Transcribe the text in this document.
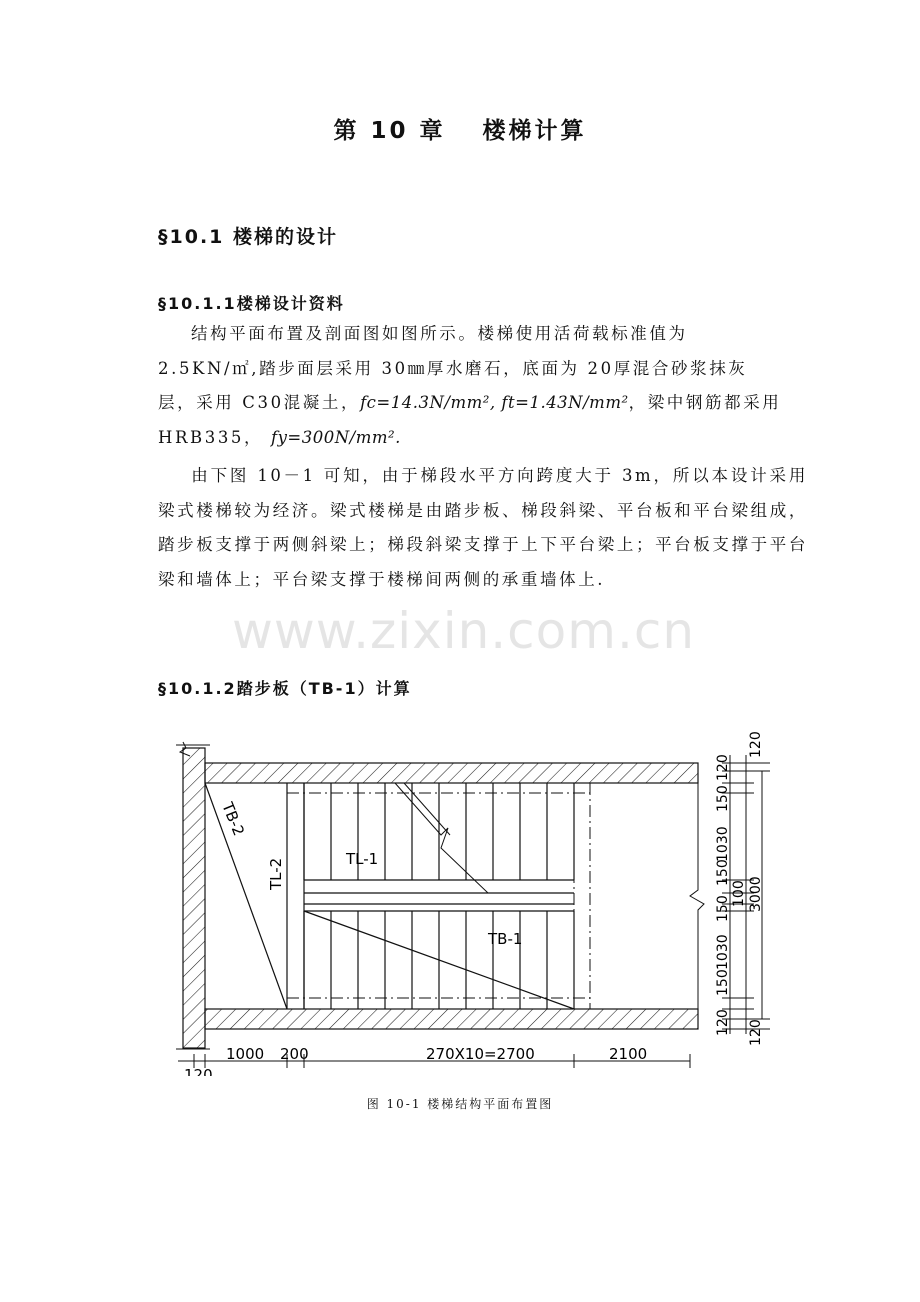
第 10 章　 楼梯计算
§10.1 楼梯的设计
§10.1.1楼梯设计资料
结构平面布置及剖面图如图所示。楼梯使用活荷载标准值为
2.5KN/㎡,踏步面层采用 30㎜厚水磨石，底面为 20厚混合砂浆抹灰
层，采用 C30混凝土，fc=14.3N/mm², ft=1.43N/mm²，梁中钢筋都采用
HRB335， fy=300N/mm².

由下图 10－1 可知，由于梯段水平方向跨度大于 3m，所以本设计采用梁式楼梯较为经济。梁式楼梯是由踏步板、梯段斜梁、平台板和平台梁组成，踏步板支撑于两侧斜梁上；梯段斜梁支撑于上下平台梁上；平台板支撑于平台梁和墙体上；平台梁支撑于楼梯间两侧的承重墙体上.

www.zixin.com.cn
§10.1.2踏步板（TB-1）计算
TB-2
TL-2	TL-1
TB-1
1000 200	270X10=2700	2100
120
120
150
1030
150
150
1030
150
120
100
120
3000
120
图 10-1 楼梯结构平面布置图
